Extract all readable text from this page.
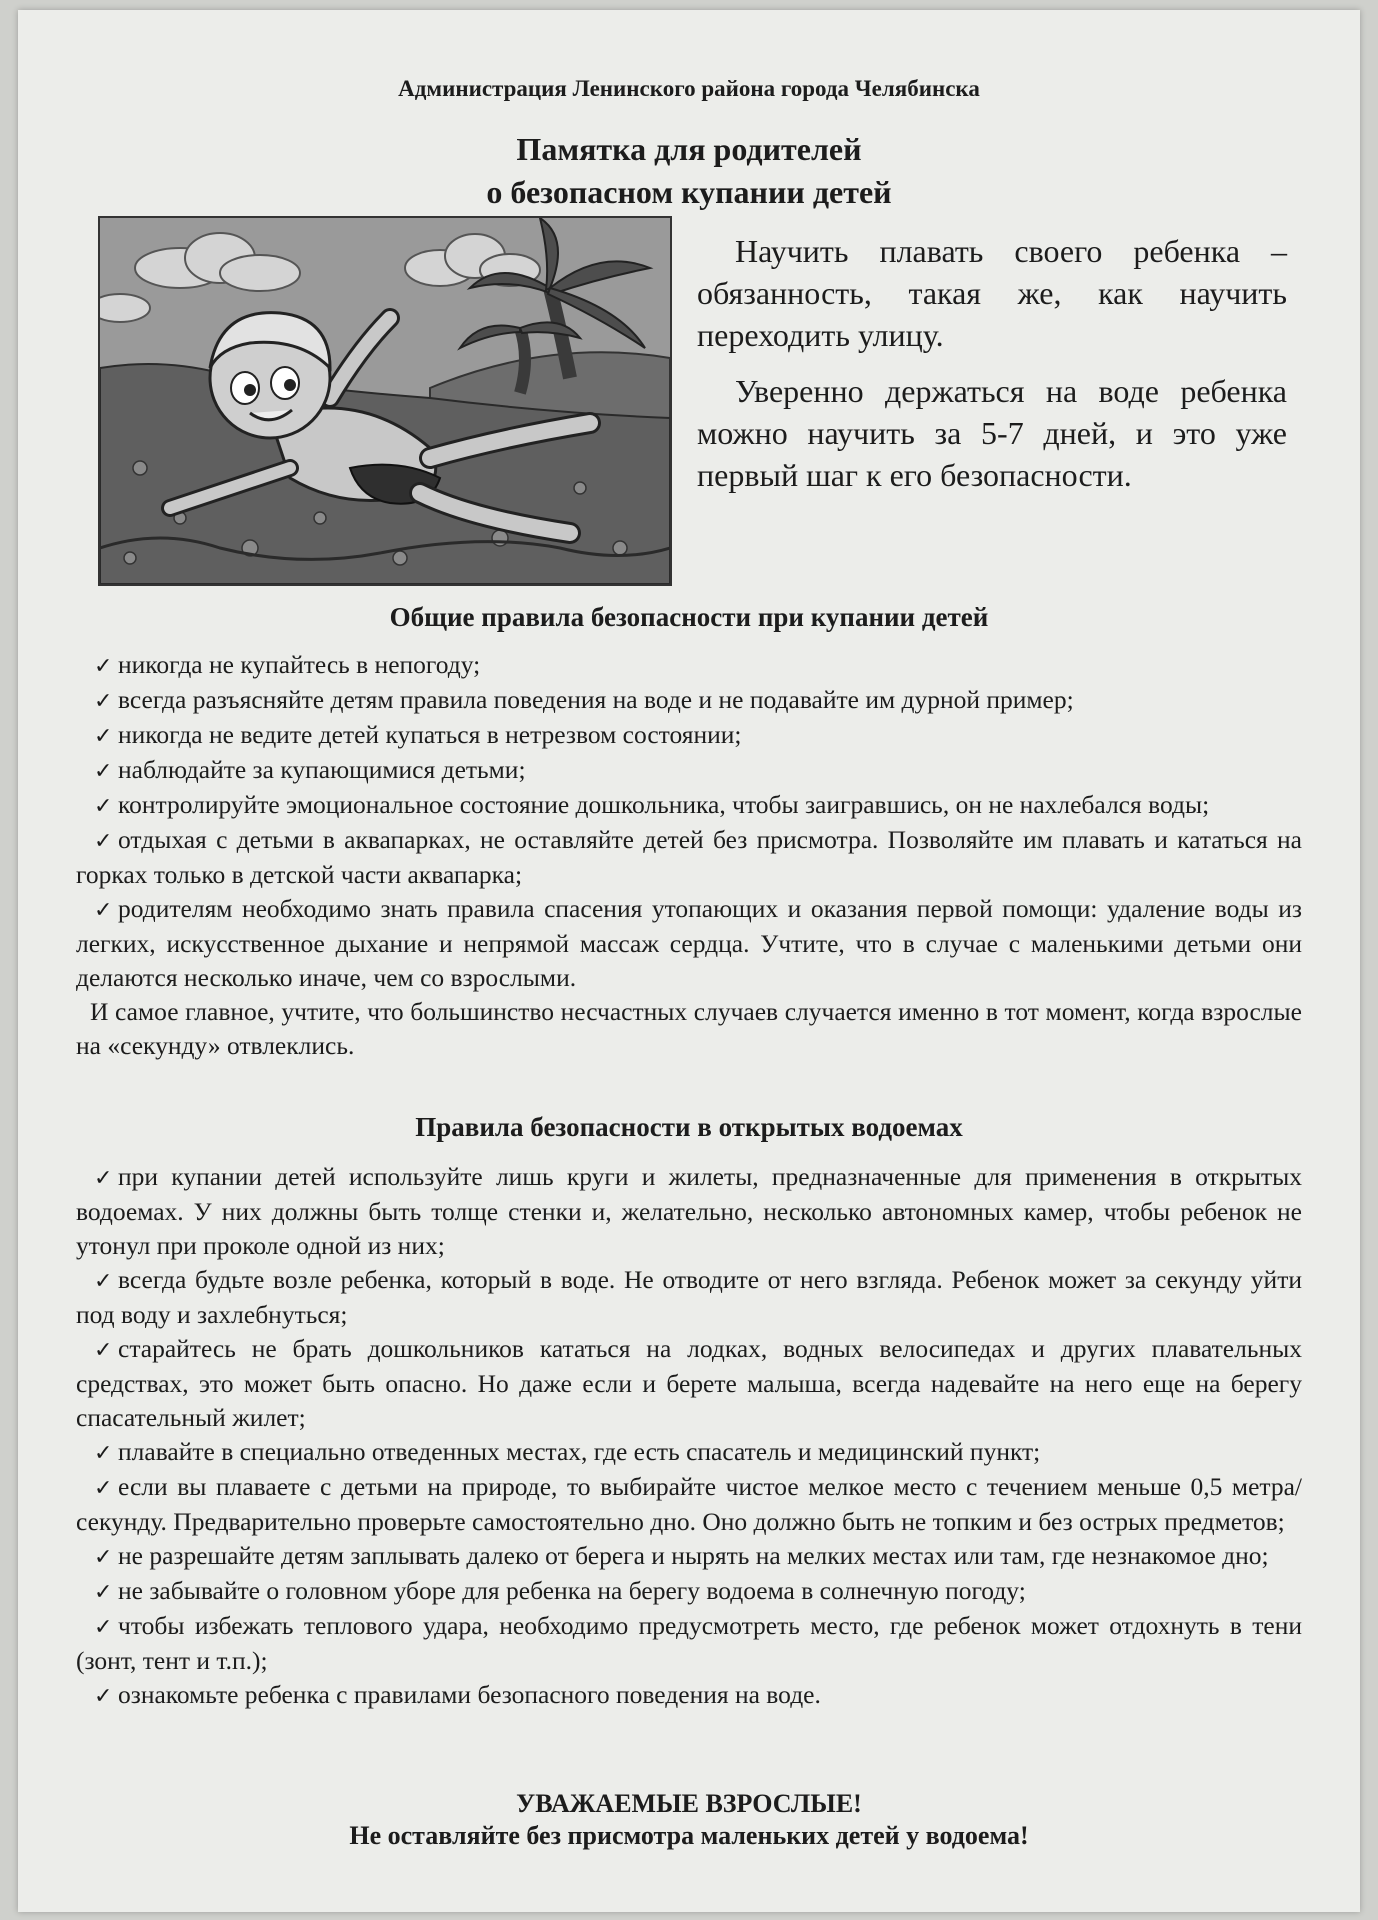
Администрация Ленинского района города Челябинска
Памятка для родителей
о безопасном купании детей

Научить плавать своего ребенка – обязанность, такая же, как научить переходить улицу.

Уверенно держаться на воде ребенка можно научить за 5-7 дней, и это уже первый шаг к его безопасности.

Общие правила безопасности при купании детей

✓ никогда не купайтесь в непогоду;

✓ всегда разъясняйте детям правила поведения на воде и не подавайте им дурной пример;

✓ никогда не ведите детей купаться в нетрезвом состоянии;

✓ наблюдайте за купающимися детьми;

✓ контролируйте эмоциональное состояние дошкольника, чтобы заигравшись, он не нахлебался воды;

✓ отдыхая с детьми в аквапарках, не оставляйте детей без присмотра. Позволяйте им плавать и кататься на горках только в детской части аквапарка;

✓ родителям необходимо знать правила спасения утопающих и оказания первой помощи: удаление воды из легких, искусственное дыхание и непрямой массаж сердца. Учтите, что в случае с маленькими детьми они делаются несколько иначе, чем со взрослыми.

И самое главное, учтите, что большинство несчастных случаев случается именно в тот момент, когда взрослые на «секунду» отвлеклись.

Правила безопасности в открытых водоемах

✓ при купании детей используйте лишь круги и жилеты, предназначенные для применения в открытых водоемах. У них должны быть толще стенки и, желательно, несколько автономных камер, чтобы ребенок не утонул при проколе одной из них;

✓ всегда будьте возле ребенка, который в воде. Не отводите от него взгляда. Ребенок может за секунду уйти под воду и захлебнуться;

✓ старайтесь не брать дошкольников кататься на лодках, водных велосипедах и других плавательных средствах, это может быть опасно. Но даже если и берете малыша, всегда надевайте на него еще на берегу спасательный жилет;

✓ плавайте в специально отведенных местах, где есть спасатель и медицинский пункт;

✓ если вы плаваете с детьми на природе, то выбирайте чистое мелкое место с течением меньше 0,5 метра/секунду. Предварительно проверьте самостоятельно дно. Оно должно быть не топким и без острых предметов;

✓ не разрешайте детям заплывать далеко от берега и нырять на мелких местах или там, где незнакомое дно;

✓ не забывайте о головном уборе для ребенка на берегу водоема в солнечную погоду;

✓ чтобы избежать теплового удара, необходимо предусмотреть место, где ребенок может отдохнуть в тени (зонт, тент и т.п.);

✓ ознакомьте ребенка с правилами безопасного поведения на воде.

УВАЖАЕМЫЕ ВЗРОСЛЫЕ!
Не оставляйте без присмотра маленьких детей у водоема!
